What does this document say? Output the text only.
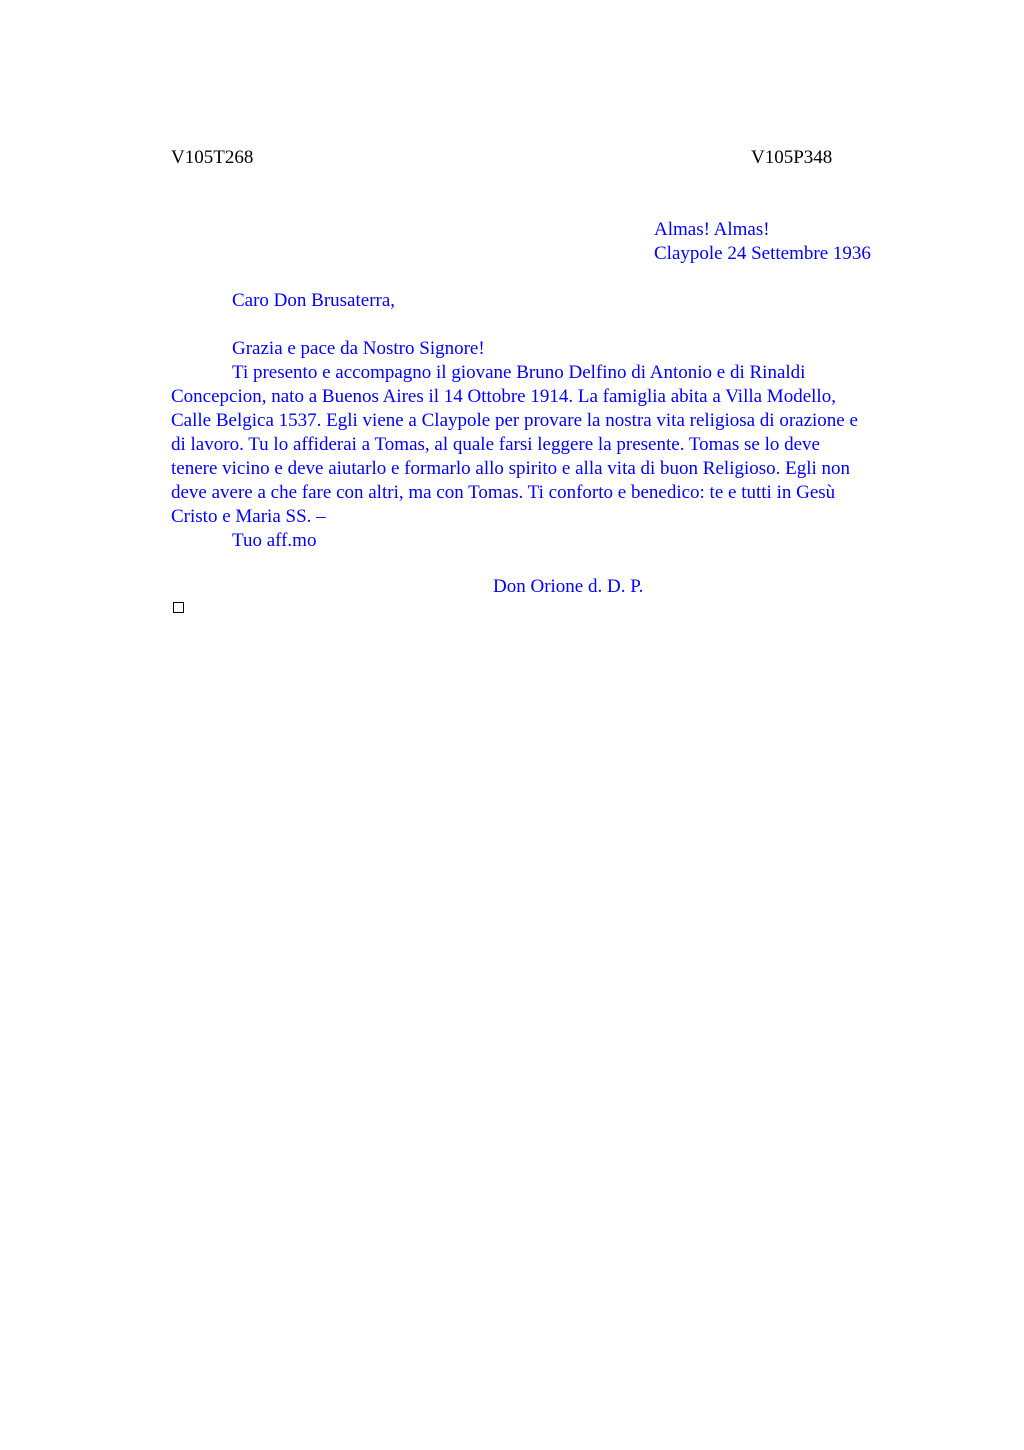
V105T268	V105P348
Almas! Almas!
Claypole 24 Settembre 1936
Caro Don Brusaterra,
Grazia e pace da Nostro Signore!
Ti presento e accompagno il giovane Bruno Delfino di Antonio e di Rinaldi
Concepcion, nato a Buenos Aires il 14 Ottobre 1914. La famiglia abita a Villa Modello,
Calle Belgica 1537. Egli viene a Claypole per provare la nostra vita religiosa di orazione e
di lavoro. Tu lo affiderai a Tomas, al quale farsi leggere la presente. Tomas se lo deve
tenere vicino e deve aiutarlo e formarlo allo spirito e alla vita di buon Religioso. Egli non
deve avere a che fare con altri, ma con Tomas. Ti conforto e benedico: te e tutti in Gesù
Cristo e Maria SS. –
Tuo aff.mo
Don Orione d. D. P.
